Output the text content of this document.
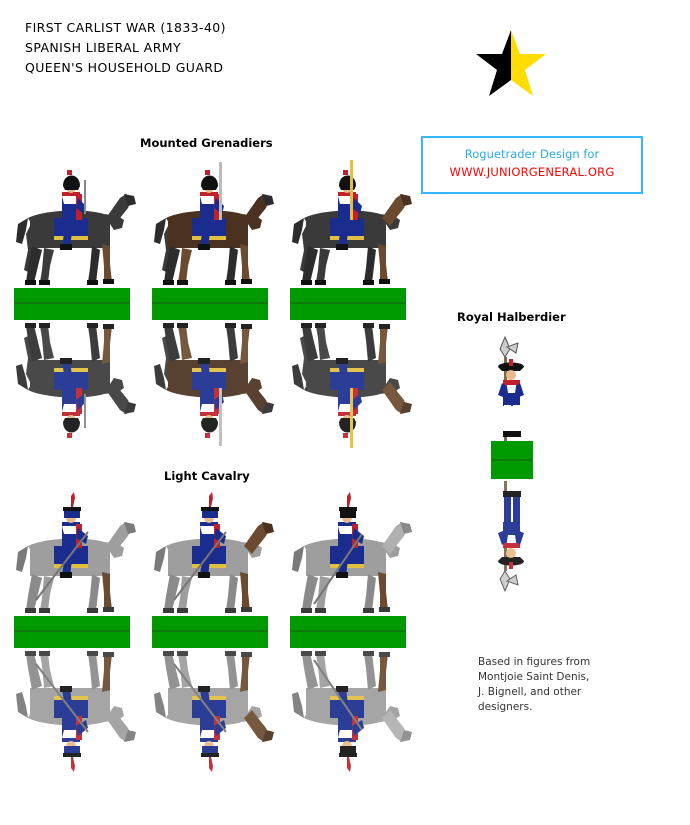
FIRST CARLIST WAR (1833-40)
SPANISH LIBERAL ARMY
QUEEN'S HOUSEHOLD GUARD
Roguetrader Design for
WWW.JUNIORGENERAL.ORG
Mounted Grenadiers
Light Cavalry
Royal Halberdier
Based in figures from
Montjoie Saint Denis,
J. Bignell, and other
designers.
